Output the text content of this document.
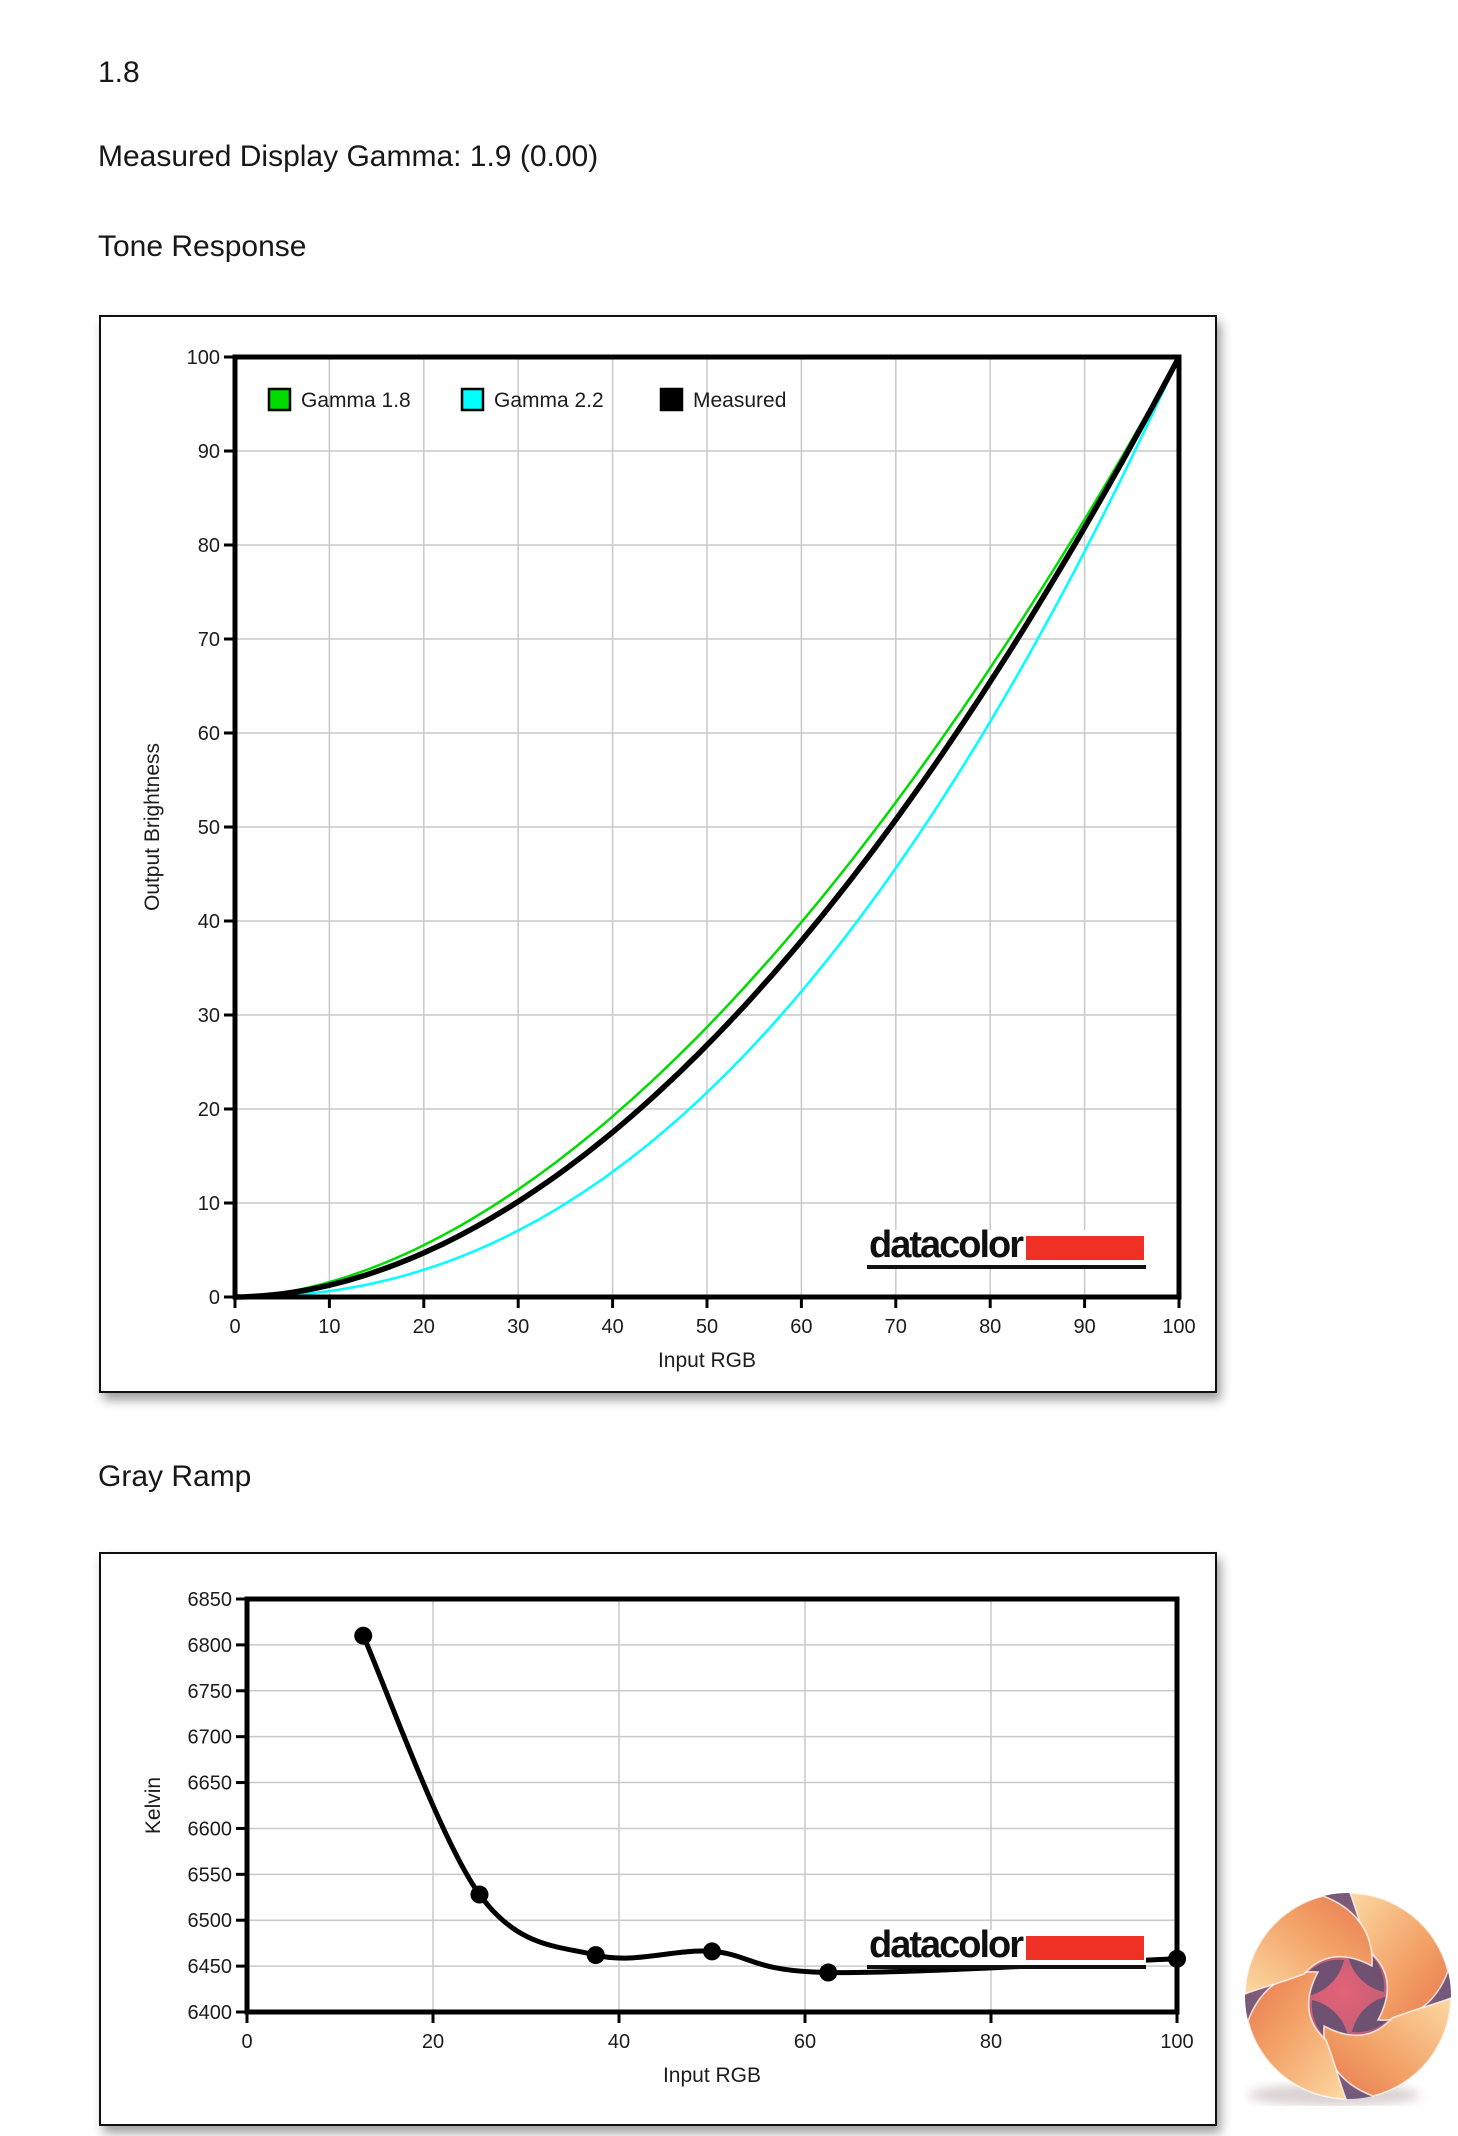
1.8
Measured Display Gamma: 1.9 (0.00)
Tone Response
Gray Ramp
0	10	20	30	40	50	60	70	80	90	100
0
10
20
30
40
50
60
70
80
90
100
Input RGB
Output Brightness
Gamma 1.8	Gamma 2.2	Measured
datacolor
0	20	40	60	80	100
6400
6450
6500
6550
6600
6650
6700
6750
6800
6850
Input RGB
Kelvin
datacolor
